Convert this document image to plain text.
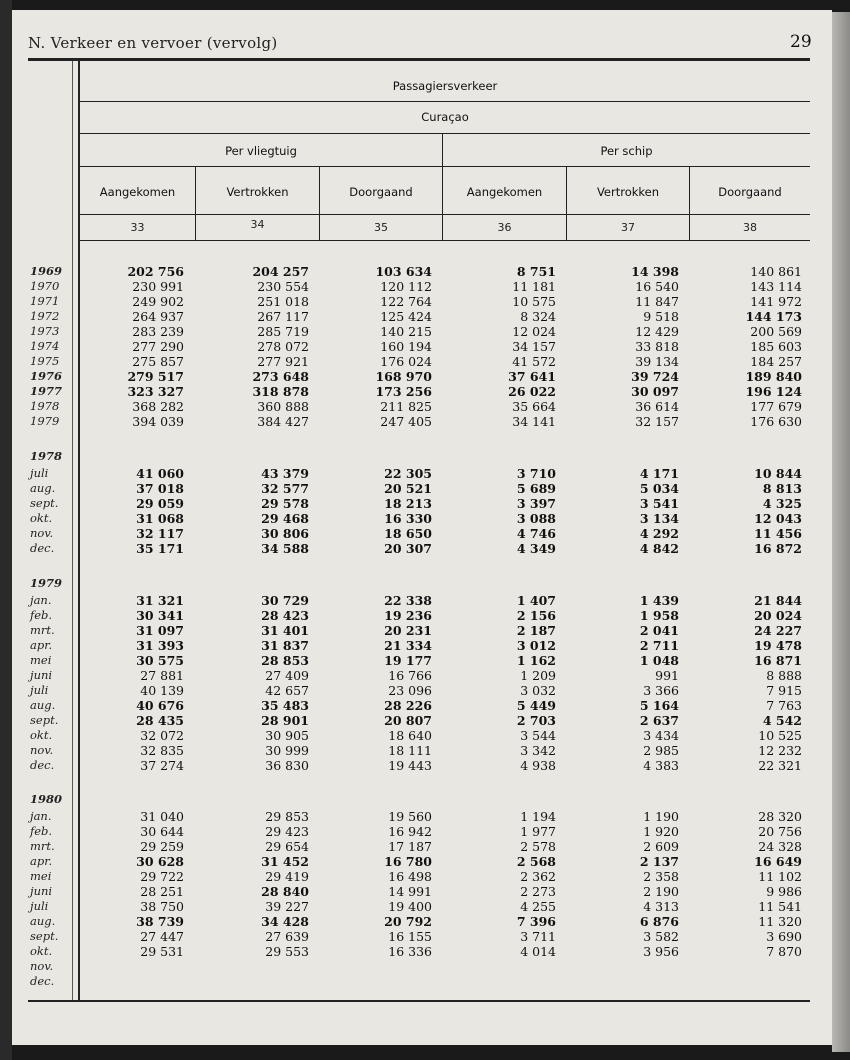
N. Verkeer en vervoer (vervolg)	29
Passagiersverkeer
Curaçao
Per vliegtuig	Per schip
Aangekomen	Vertrokken	Doorgaand	Aangekomen	Vertrokken	Doorgaand
33	34	35	36	37	38
1969	202 756	204 257	103 634	8 751	14 398	140 861
1970	230 991	230 554	120 112	11 181	16 540	143 114
1971	249 902	251 018	122 764	10 575	11 847	141 972
1972	264 937	267 117	125 424	8 324	9 518	144 173
1973	283 239	285 719	140 215	12 024	12 429	200 569
1974	277 290	278 072	160 194	34 157	33 818	185 603
1975	275 857	277 921	176 024	41 572	39 134	184 257
1976	279 517	273 648	168 970	37 641	39 724	189 840
1977	323 327	318 878	173 256	26 022	30 097	196 124
1978	368 282	360 888	211 825	35 664	36 614	177 679
1979	394 039	384 427	247 405	34 141	32 157	176 630
1978
juli	41 060	43 379	22 305	3 710	4 171	10 844
aug.	37 018	32 577	20 521	5 689	5 034	8 813
sept.	29 059	29 578	18 213	3 397	3 541	4 325
okt.	31 068	29 468	16 330	3 088	3 134	12 043
nov.	32 117	30 806	18 650	4 746	4 292	11 456
dec.	35 171	34 588	20 307	4 349	4 842	16 872
1979
jan.	31 321	30 729	22 338	1 407	1 439	21 844
feb.	30 341	28 423	19 236	2 156	1 958	20 024
mrt.	31 097	31 401	20 231	2 187	2 041	24 227
apr.	31 393	31 837	21 334	3 012	2 711	19 478
mei	30 575	28 853	19 177	1 162	1 048	16 871
juni	27 881	27 409	16 766	1 209	991	8 888
juli	40 139	42 657	23 096	3 032	3 366	7 915
aug.	40 676	35 483	28 226	5 449	5 164	7 763
sept.	28 435	28 901	20 807	2 703	2 637	4 542
okt.	32 072	30 905	18 640	3 544	3 434	10 525
nov.	32 835	30 999	18 111	3 342	2 985	12 232
dec.	37 274	36 830	19 443	4 938	4 383	22 321
1980
jan.	31 040	29 853	19 560	1 194	1 190	28 320
feb.	30 644	29 423	16 942	1 977	1 920	20 756
mrt.	29 259	29 654	17 187	2 578	2 609	24 328
apr.	30 628	31 452	16 780	2 568	2 137	16 649
mei	29 722	29 419	16 498	2 362	2 358	11 102
juni	28 251	28 840	14 991	2 273	2 190	9 986
juli	38 750	39 227	19 400	4 255	4 313	11 541
aug.	38 739	34 428	20 792	7 396	6 876	11 320
sept.	27 447	27 639	16 155	3 711	3 582	3 690
okt.	29 531	29 553	16 336	4 014	3 956	7 870
nov.
dec.
